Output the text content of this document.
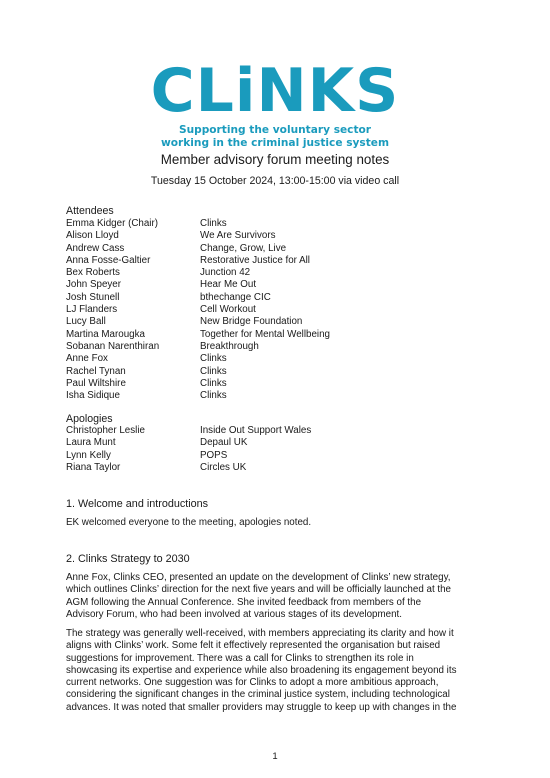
CLiNKS
Supporting the voluntary sector
working in the criminal justice system
Member advisory forum meeting notes
Tuesday 15 October 2024, 13:00-15:00 via video call
Attendees
Emma Kidger (Chair)	Clinks
Alison Lloyd	We Are Survivors
Andrew Cass	Change, Grow, Live
Anna Fosse-Galtier	Restorative Justice for All
Bex Roberts	Junction 42
John Speyer	Hear Me Out
Josh Stunell	bthechange CIC
LJ Flanders	Cell Workout
Lucy Ball	New Bridge Foundation
Martina Marougka	Together for Mental Wellbeing
Sobanan Narenthiran	Breakthrough
Anne Fox	Clinks
Rachel Tynan	Clinks
Paul Wiltshire	Clinks
Isha Sidique	Clinks
Apologies
Christopher Leslie	Inside Out Support Wales
Laura Munt	Depaul UK
Lynn Kelly	POPS
Riana Taylor	Circles UK
1. Welcome and introductions
EK welcomed everyone to the meeting, apologies noted.
2. Clinks Strategy to 2030
Anne Fox, Clinks CEO, presented an update on the development of Clinks’ new strategy,
which outlines Clinks’ direction for the next five years and will be officially launched at the
AGM following the Annual Conference. She invited feedback from members of the
Advisory Forum, who had been involved at various stages of its development.
The strategy was generally well-received, with members appreciating its clarity and how it
aligns with Clinks’ work. Some felt it effectively represented the organisation but raised
suggestions for improvement. There was a call for Clinks to strengthen its role in
showcasing its expertise and experience while also broadening its engagement beyond its
current networks. One suggestion was for Clinks to adopt a more ambitious approach,
considering the significant changes in the criminal justice system, including technological
advances. It was noted that smaller providers may struggle to keep up with changes in the
1
